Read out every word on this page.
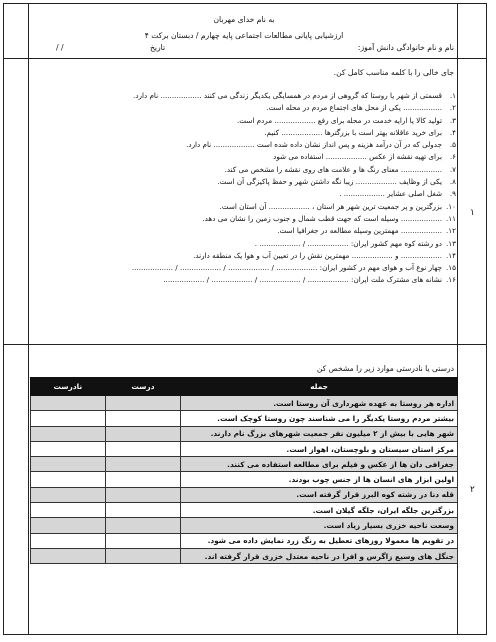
به نام خدای مهربان
ارزشیابی پایانی مطالعات اجتماعی پایه چهارم / دبستان برکت ۴
نام و نام خانوادگی دانش آموز:
تاریخ
/ /
جای خالی را با کلمه مناسب کامل کن.
۱
۱.قسمتی از شهر یا روستا که گروهی از مردم در همسایگی یکدیگر زندگی می کنند .................. نام دارد.
۲.................. یکی از محل های اجتماع مردم در محله است.
۳.تولید کالا یا ارایه خدمت در محله برای رفع .................. مردم است.
۴.برای خرید عاقلانه بهتر است با بزرگترها .................. کنیم.
۵.جدولی که در آن درآمد هزینه و پس انداز نشان داده شده است .................. نام دارد.
۶.برای تهیه نقشه از عکس .................. استفاده می شود
۷................... معنای رنگ ها و علامت های روی نقشه را مشخص می کند.
۸.یکی از وظایف .................. زیبا نگه داشتن شهر و حفظ پاکیزگی آن است.
۹.شغل اصلی عشایر .................. .
۱۰.بزرگترین و پر جمعیت ترین شهر هر استان ، .................. آن استان است.
۱۱................... وسیله است که جهت قطب شمال و جنوب زمین را نشان می دهد.
۱۲................... مهمترین وسیله مطالعه در جغرافیا است.
۱۳.دو رشته کوه مهم کشور ایران: .................. / .................. .
۱۴................... و .................. مهمترین نقش را در تعیین آب و هوا یک منطقه دارند.
۱۵.چهار نوع آب و هوای مهم در کشور ایران: .................. / .................. / .................. / ..................
۱۶.نشانه های مشترک ملت ایران: .................. / .................. / .................. / ..................
درستی یا نادرستی موارد زیر را مشخص کن
۲
جمله	درست	نادرست
اداره هر روستا به عهده شهرداری آن روستا است.		
بیشتر مردم روستا یکدیگر را می شناسند چون روستا کوچک است.		
شهر هایی با بیش از ۲ میلیون نفر جمعیت شهرهای بزرگ نام دارند.		
مرکز استان سیستان و بلوچستان، اهواز است.		
جغرافی دان ها از عکس و فیلم برای مطالعه استفاده می کنند.		
اولین ابزار های انسان ها از جنس چوب بودند.		
قله دنا در رشته کوه البرز قرار گرفته است.		
بزرگترین جلگه ایران، جلگه گیلان است.		
وسعت ناحیه خزری بسیار زیاد است.		
در تقویم ها معمولا روزهای تعطیل به رنگ زرد نمایش داده می شود.		
جنگل های وسیع زاگرس و افرا در ناحیه معتدل خزری قرار گرفته اند.		
